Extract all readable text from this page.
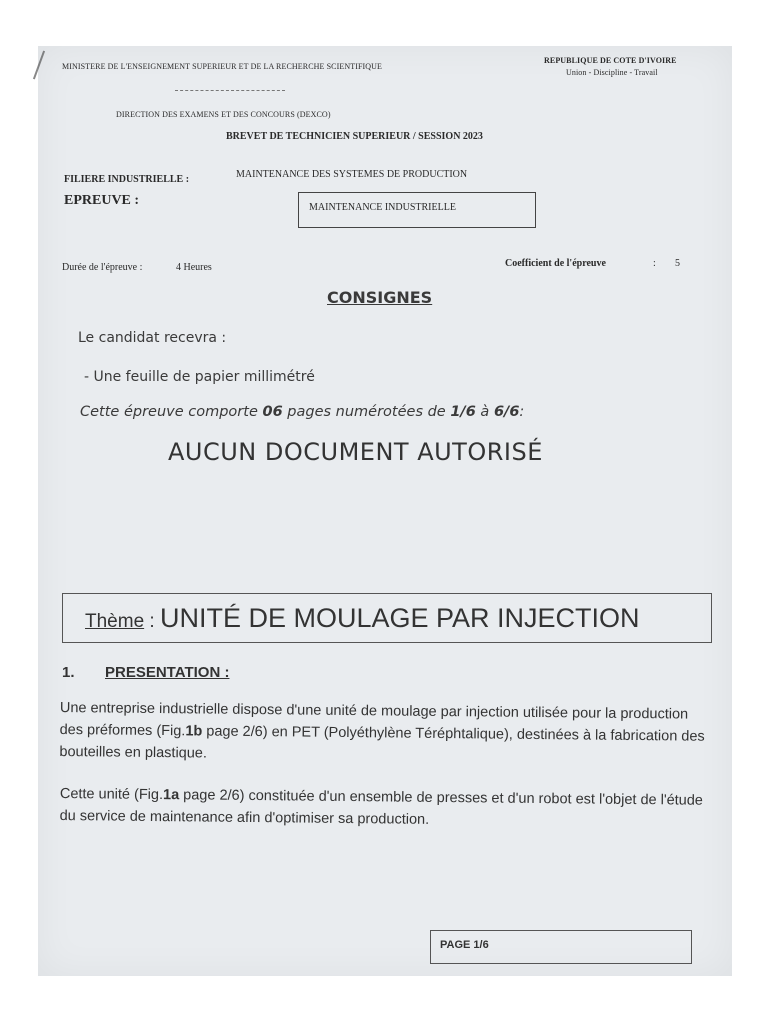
MINISTERE DE L'ENSEIGNEMENT SUPERIEUR ET DE LA RECHERCHE SCIENTIFIQUE
REPUBLIQUE DE COTE D'IVOIRE
Union - Discipline - Travail
DIRECTION DES EXAMENS ET DES CONCOURS (DEXCO)
BREVET DE TECHNICIEN SUPERIEUR / SESSION 2023
FILIERE INDUSTRIELLE :	MAINTENANCE DES SYSTEMES DE PRODUCTION
EPREUVE :	MAINTENANCE INDUSTRIELLE
Durée de l'épreuve :	4 Heures	Coefficient de l'épreuve	: 5
CONSIGNES
Le candidat recevra :
- Une feuille de papier millimétré
Cette épreuve comporte 06 pages numérotées de 1/6 à 6/6:
AUCUN DOCUMENT AUTORISÉ
Thème : UNITÉ DE MOULAGE PAR INJECTION
1. PRESENTATION :
Une entreprise industrielle dispose d'une unité de moulage par injection utilisée pour la production des préformes (Fig.1b page 2/6) en PET (Polyéthylène Téréphtalique), destinées à la fabrication des bouteilles en plastique.
Cette unité (Fig.1a page 2/6) constituée d'un ensemble de presses et d'un robot est l'objet de l'étude du service de maintenance afin d'optimiser sa production.
PAGE 1/6
